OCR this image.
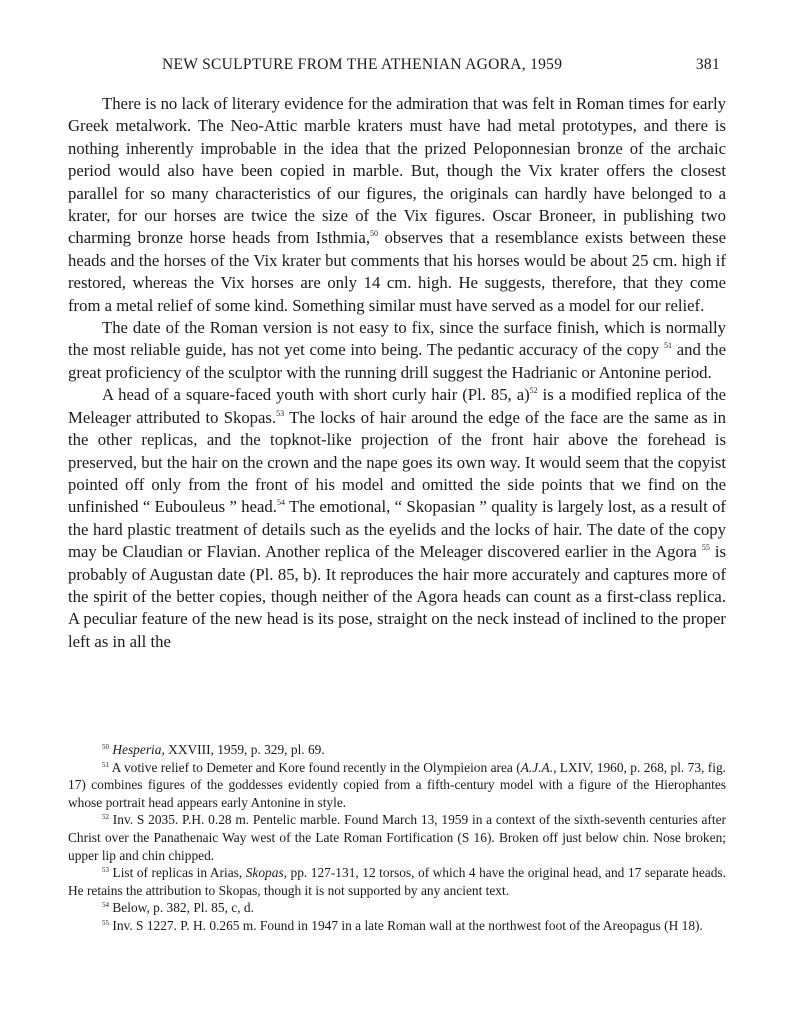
NEW SCULPTURE FROM THE ATHENIAN AGORA, 1959	381

There is no lack of literary evidence for the admiration that was felt in Roman times for early Greek metalwork. The Neo-Attic marble kraters must have had metal prototypes, and there is nothing inherently improbable in the idea that the prized Peloponnesian bronze of the archaic period would also have been copied in marble. But, though the Vix krater offers the closest parallel for so many characteristics of our figures, the originals can hardly have belonged to a krater, for our horses are twice the size of the Vix figures. Oscar Broneer, in publishing two charming bronze horse heads from Isthmia,$^{50}$ observes that a resemblance exists between these heads and the horses of the Vix krater but comments that his horses would be about 25 cm. high if restored, whereas the Vix horses are only 14 cm. high. He suggests, therefore, that they come from a metal relief of some kind. Something similar must have served as a model for our relief.

The date of the Roman version is not easy to fix, since the surface finish, which is normally the most reliable guide, has not yet come into being. The pedantic accuracy of the copy $^{51}$ and the great proficiency of the sculptor with the running drill suggest the Hadrianic or Antonine period.

A head of a square-faced youth with short curly hair (Pl. 85, a)$^{52}$ is a modified replica of the Meleager attributed to Skopas.$^{53}$ The locks of hair around the edge of the face are the same as in the other replicas, and the topknot-like projection of the front hair above the forehead is preserved, but the hair on the crown and the nape goes its own way. It would seem that the copyist pointed off only from the front of his model and omitted the side points that we find on the unfinished “ Eubouleus ” head.$^{54}$ The emotional, “ Skopasian ” quality is largely lost, as a result of the hard plastic treatment of details such as the eyelids and the locks of hair. The date of the copy may be Claudian or Flavian. Another replica of the Meleager discovered earlier in the Agora $^{55}$ is probably of Augustan date (Pl. 85, b). It reproduces the hair more accurately and captures more of the spirit of the better copies, though neither of the Agora heads can count as a first-class replica. A peculiar feature of the new head is its pose, straight on the neck instead of inclined to the proper left as in all the

$^{50}$ Hesperia, XXVIII, 1959, p. 329, pl. 69.

$^{51}$ A votive relief to Demeter and Kore found recently in the Olympieion area (A.J.A., LXIV, 1960, p. 268, pl. 73, fig. 17) combines figures of the goddesses evidently copied from a fifth-century model with a figure of the Hierophantes whose portrait head appears early Antonine in style.

$^{52}$ Inv. S 2035. P.H. 0.28 m. Pentelic marble. Found March 13, 1959 in a context of the sixth-seventh centuries after Christ over the Panathenaic Way west of the Late Roman Fortification (S 16). Broken off just below chin. Nose broken; upper lip and chin chipped.

$^{53}$ List of replicas in Arias, Skopas, pp. 127-131, 12 torsos, of which 4 have the original head, and 17 separate heads. He retains the attribution to Skopas, though it is not supported by any ancient text.

$^{54}$ Below, p. 382, Pl. 85, c, d.

$^{55}$ Inv. S 1227. P. H. 0.265 m. Found in 1947 in a late Roman wall at the northwest foot of the Areopagus (H 18).
